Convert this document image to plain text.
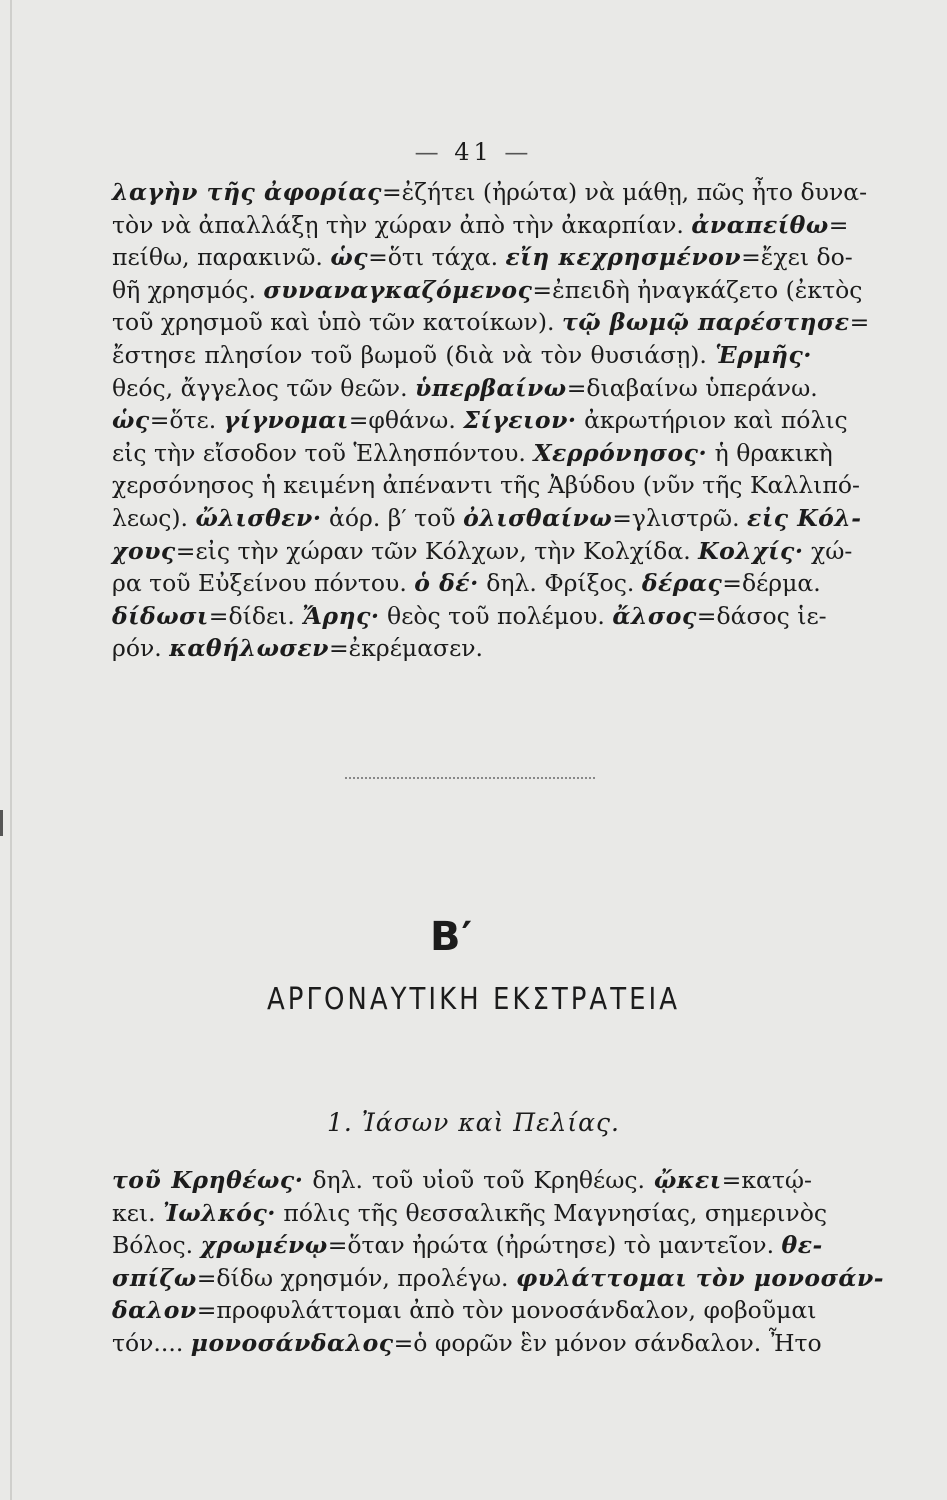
— 41 —
λαγὴν τῆς ἀφορίας=ἐζήτει (ἠρώτα) νὰ μάθῃ, πῶς ἦτο δυνα-
τὸν νὰ ἀπαλλάξῃ τὴν χώραν ἀπὸ τὴν ἀκαρπίαν. ἀναπείθω=
πείθω, παρακινῶ. ὡς=ὅτι τάχα. εἴη κεχρησμένον=ἔχει δο-
θῆ χρησμός. συναναγκαζόμενος=ἐπειδὴ ἠναγκάζετο (ἐκτὸς
τοῦ χρησμοῦ καὶ ὑπὸ τῶν κατοίκων). τῷ βωμῷ παρέστησε=
ἔστησε πλησίον τοῦ βωμοῦ (διὰ νὰ τὸν θυσιάσῃ). Ἑρμῆς·
θεός, ἄγγελος τῶν θεῶν. ὑπερβαίνω=διαβαίνω ὑπεράνω.
ὡς=ὅτε. γίγνομαι=φθάνω. Σίγειον· ἀκρωτήριον καὶ πόλις
εἰς τὴν εἴσοδον τοῦ Ἑλλησπόντου. Χερρόνησος· ἡ θρακικὴ
χερσόνησος ἡ κειμένη ἀπέναντι τῆς Ἀβύδου (νῦν τῆς Καλλιπό-
λεως). ὤλισθεν· ἀόρ. β′ τοῦ ὀλισθαίνω=γλιστρῶ. εἰς Κόλ-
χους=εἰς τὴν χώραν τῶν Κόλχων, τὴν Κολχίδα. Κολχίς· χώ-
ρα τοῦ Εὐξείνου πόντου. ὁ δέ· δηλ. Φρίξος. δέρας=δέρμα.
δίδωσι=δίδει. Ἄρης· θεὸς τοῦ πολέμου. ἄλσος=δάσος ἱε-
ρόν. καθήλωσεν=ἐκρέμασεν.
Β′
ΑΡΓΟΝΑΥΤΙΚΗ ΕΚΣΤΡΑΤΕΙΑ
1. Ἰάσων καὶ Πελίας.
τοῦ Κρηθέως· δηλ. τοῦ υἱοῦ τοῦ Κρηθέως. ᾤκει=κατῴ-
κει. Ἰωλκός· πόλις τῆς θεσσαλικῆς Μαγνησίας, σημερινὸς
Βόλος. χρωμένῳ=ὅταν ἠρώτα (ἠρώτησε) τὸ μαντεῖον. θε-
σπίζω=δίδω χρησμόν, προλέγω. φυλάττομαι τὸν μονοσάν-
δαλον=προφυλάττομαι ἀπὸ τὸν μονοσάνδαλον, φοβοῦμαι
τόν.... μονοσάνδαλος=ὁ φορῶν ἓν μόνον σάνδαλον. Ἦτο
